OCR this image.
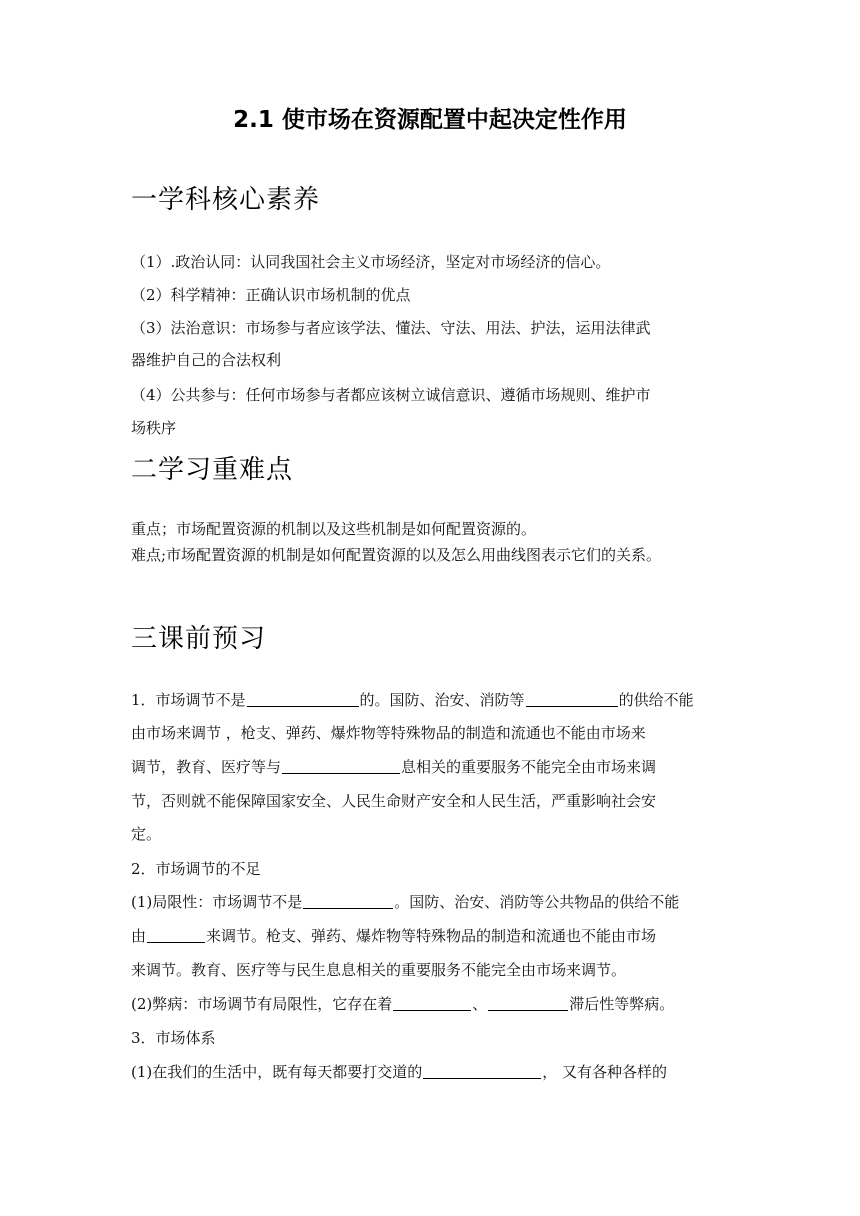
2.1 使市场在资源配置中起决定性作用
一学科核心素养
（1）.政治认同：认同我国社会主义市场经济，坚定对市场经济的信心。
（2）科学精神：正确认识市场机制的优点
（3）法治意识：市场参与者应该学法、懂法、守法、用法、护法，运用法律武
器维护自己的合法权利
（4）公共参与：任何市场参与者都应该树立诚信意识、遵循市场规则、维护市
场秩序
二学习重难点
重点；市场配置资源的机制以及这些机制是如何配置资源的。
难点;市场配置资源的机制是如何配置资源的以及怎么用曲线图表示它们的关系。
三课前预习
1．市场调节不是	的。国防、治安、消防等	的供给不能
由市场来调节 ，枪支、弹药、爆炸物等特殊物品的制造和流通也不能由市场来
调节，教育、医疗等与	息相关的重要服务不能完全由市场来调
节，否则就不能保障国家安全、人民生命财产安全和人民生活，严重影响社会安
定。
2．市场调节的不足
(1)局限性：市场调节不是	。国防、治安、消防等公共物品的供给不能
由	来调节。枪支、弹药、爆炸物等特殊物品的制造和流通也不能由市场
来调节。教育、医疗等与民生息息相关的重要服务不能完全由市场来调节。
(2)弊病：市场调节有局限性，它存在着	、	滞后性等弊病。
3．市场体系
(1)在我们的生活中，既有每天都要打交道的	， 又有各种各样的
